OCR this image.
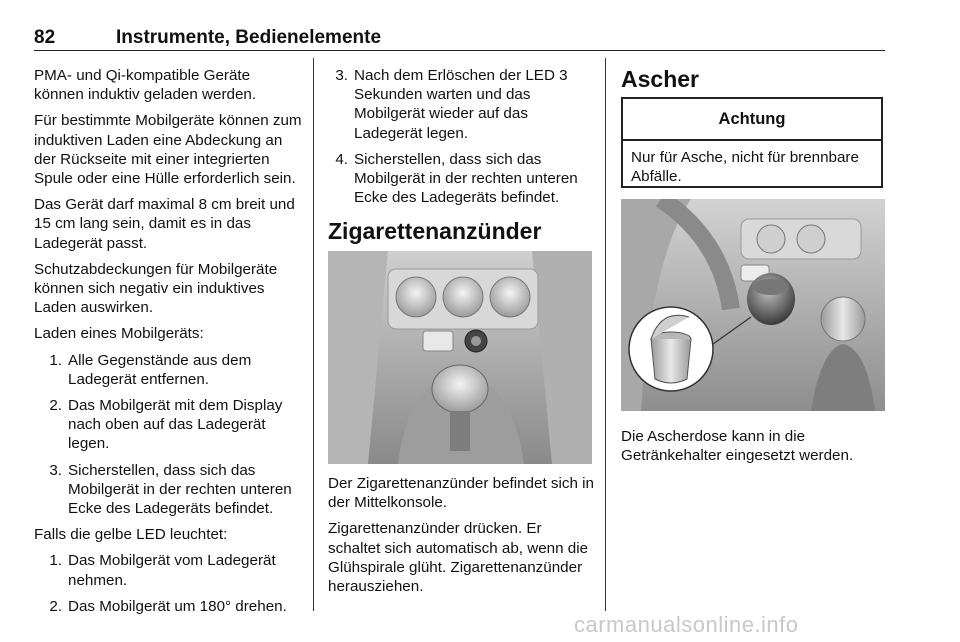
82	Instrumente, Bedienelemente

PMA- und Qi-kompatible Geräte können induktiv geladen werden.

Für bestimmte Mobilgeräte können zum induktiven Laden eine Abdeckung an der Rückseite mit einer integrierten Spule oder eine Hülle erforderlich sein.

Das Gerät darf maximal 8 cm breit und 15 cm lang sein, damit es in das Ladegerät passt.

Schutzabdeckungen für Mobilgeräte können sich negativ ein induktives Laden auswirken.

Laden eines Mobilgeräts:

1. Alle Gegenstände aus dem Ladegerät entfernen.
2. Das Mobilgerät mit dem Display nach oben auf das Ladegerät legen.
3. Sicherstellen, dass sich das Mobilgerät in der rechten unteren Ecke des Ladegeräts befindet.

Falls die gelbe LED leuchtet:

1. Das Mobilgerät vom Ladegerät nehmen.
2. Das Mobilgerät um 180° drehen.
3. Nach dem Erlöschen der LED 3 Sekunden warten und das Mobilgerät wieder auf das Ladegerät legen.
4. Sicherstellen, dass sich das Mobilgerät in der rechten unteren Ecke des Ladegeräts befindet.
Zigarettenanzünder

Der Zigarettenanzünder befindet sich in der Mittelkonsole.

Zigarettenanzünder drücken. Er schaltet sich automatisch ab, wenn die Glühspirale glüht. Zigarettenanzünder herausziehen.

Ascher
Achtung
Nur für Asche, nicht für brennbare Abfälle.

Die Ascherdose kann in die Getränkehalter eingesetzt werden.

carmanualsonline.info
